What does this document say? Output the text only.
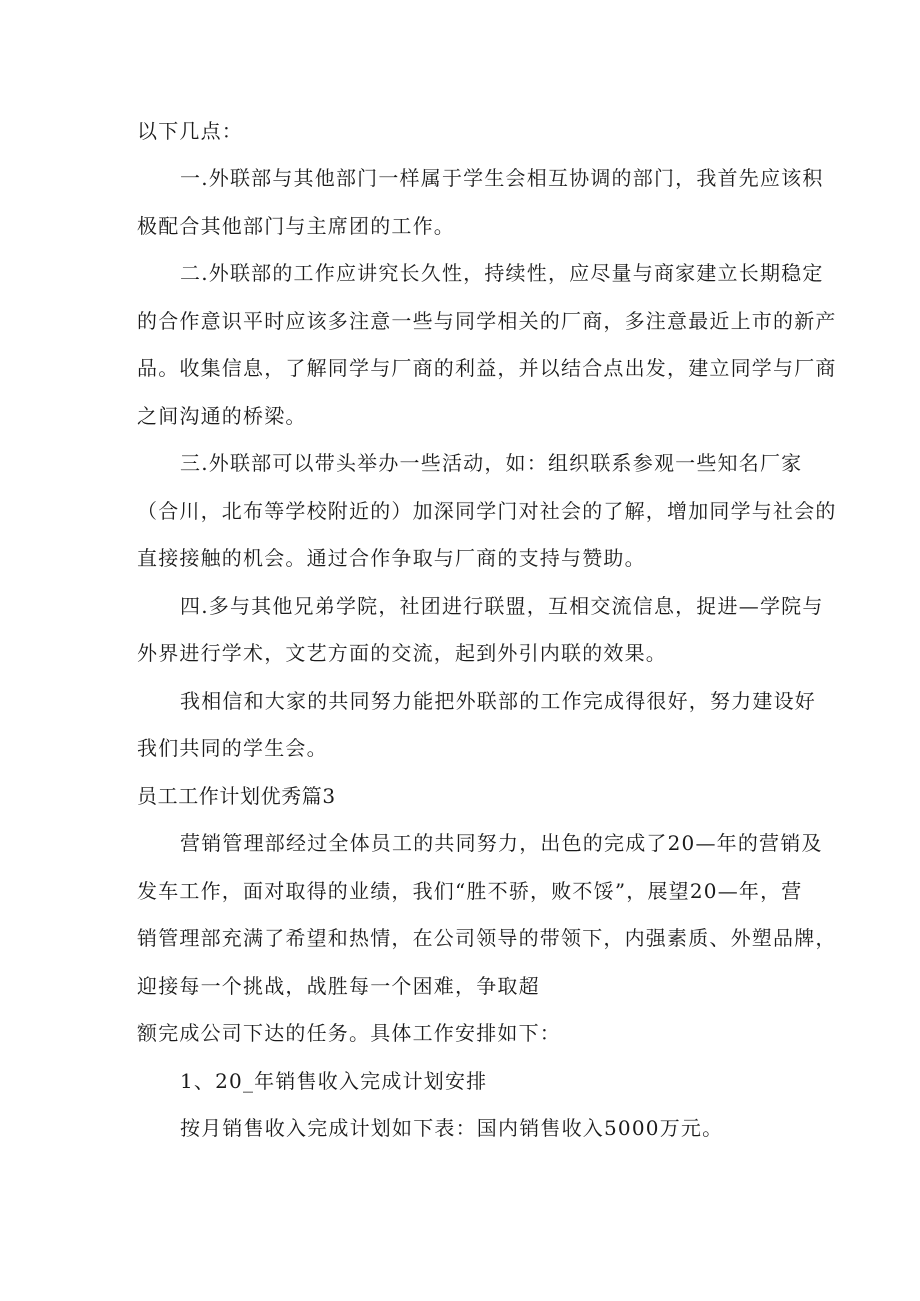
以下几点：
一.外联部与其他部门一样属于学生会相互协调的部门，我首先应该积
极配合其他部门与主席团的工作。
二.外联部的工作应讲究长久性，持续性，应尽量与商家建立长期稳定
的合作意识平时应该多注意一些与同学相关的厂商，多注意最近上市的新产
品。收集信息，了解同学与厂商的利益，并以结合点出发，建立同学与厂商
之间沟通的桥梁。
三.外联部可以带头举办一些活动，如：组织联系参观一些知名厂家
（合川，北布等学校附近的）加深同学门对社会的了解，增加同学与社会的
直接接触的机会。通过合作争取与厂商的支持与赞助。
四.多与其他兄弟学院，社团进行联盟，互相交流信息，捉进—学院与
外界进行学术，文艺方面的交流，起到外引内联的效果。
我相信和大家的共同努力能把外联部的工作完成得很好，努力建设好
我们共同的学生会。
员工工作计划优秀篇3
营销管理部经过全体员工的共同努力，出色的完成了20—年的营销及
发车工作，面对取得的业绩，我们“胜不骄，败不馁”，展望20—年，营
销管理部充满了希望和热情，在公司领导的带领下，内强素质、外塑品牌，
迎接每一个挑战，战胜每一个困难，争取超
额完成公司下达的任务。具体工作安排如下：
1、20_年销售收入完成计划安排
按月销售收入完成计划如下表：国内销售收入5000万元。
